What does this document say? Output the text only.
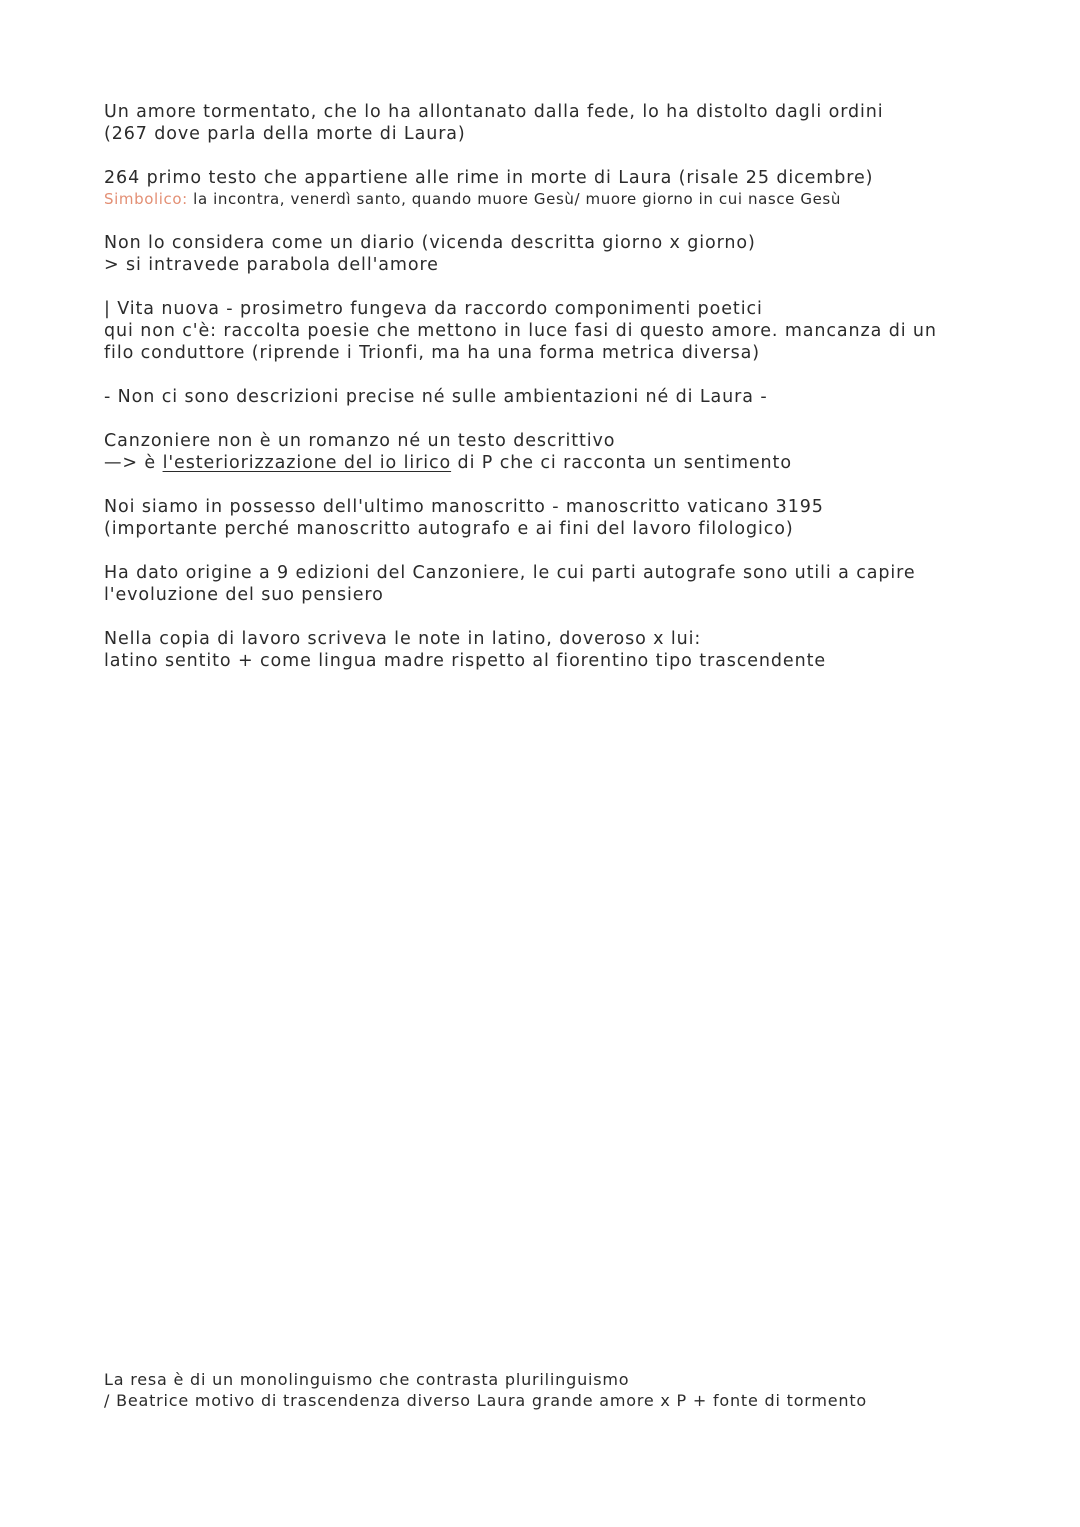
Un amore tormentato, che lo ha allontanato dalla fede, lo ha distolto dagli ordini
(267 dove parla della morte di Laura)
264 primo testo che appartiene alle rime in morte di Laura (risale 25 dicembre)
Simbolico: la incontra, venerdì santo, quando muore Gesù/ muore giorno in cui nasce Gesù
Non lo considera come un diario (vicenda descritta giorno x giorno)
> si intravede parabola dell'amore
| Vita nuova - prosimetro fungeva da raccordo componimenti poetici
qui non c'è: raccolta poesie che mettono in luce fasi di questo amore. mancanza di un
filo conduttore (riprende i Trionfi, ma ha una forma metrica diversa)
- Non ci sono descrizioni precise né sulle ambientazioni né di Laura -
Canzoniere non è un romanzo né un testo descrittivo
—> è l'esteriorizzazione del io lirico di P che ci racconta un sentimento
Noi siamo in possesso dell'ultimo manoscritto - manoscritto vaticano 3195
(importante perché manoscritto autografo e ai fini del lavoro filologico)
Ha dato origine a 9 edizioni del Canzoniere, le cui parti autografe sono utili a capire
l'evoluzione del suo pensiero
Nella copia di lavoro scriveva le note in latino, doveroso x lui:
latino sentito + come lingua madre rispetto al fiorentino tipo trascendente
La resa è di un monolinguismo che contrasta plurilinguismo
/ Beatrice motivo di trascendenza diverso Laura grande amore x P + fonte di tormento
